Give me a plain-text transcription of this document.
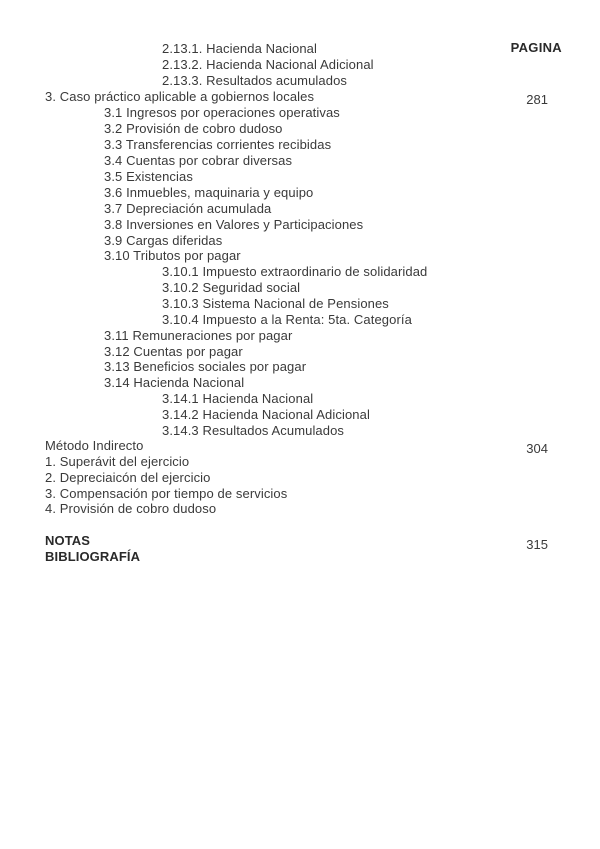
PAGINA
2.13.1. Hacienda Nacional
2.13.2. Hacienda Nacional Adicional
2.13.3. Resultados acumulados
3. Caso práctico aplicable a gobiernos locales	281
3.1 Ingresos por operaciones operativas
3.2 Provisión de cobro dudoso
3.3 Transferencias corrientes recibidas
3.4 Cuentas por cobrar diversas
3.5 Existencias
3.6 Inmuebles, maquinaria y equipo
3.7 Depreciación acumulada
3.8 Inversiones en Valores y Participaciones
3.9 Cargas diferidas
3.10 Tributos por pagar
3.10.1 Impuesto extraordinario de solidaridad
3.10.2 Seguridad social
3.10.3 Sistema Nacional de Pensiones
3.10.4 Impuesto a la Renta: 5ta. Categoría
3.11 Remuneraciones por pagar
3.12 Cuentas por pagar
3.13 Beneficios sociales por pagar
3.14 Hacienda Nacional
3.14.1 Hacienda Nacional
3.14.2 Hacienda Nacional Adicional
3.14.3 Resultados Acumulados
Método Indirecto	304
1. Superávit del ejercicio
2. Depreciaicón del ejercicio
3. Compensación por tiempo de servicios
4. Provisión de cobro dudoso
NOTAS	315
BIBLIOGRAFÍA
